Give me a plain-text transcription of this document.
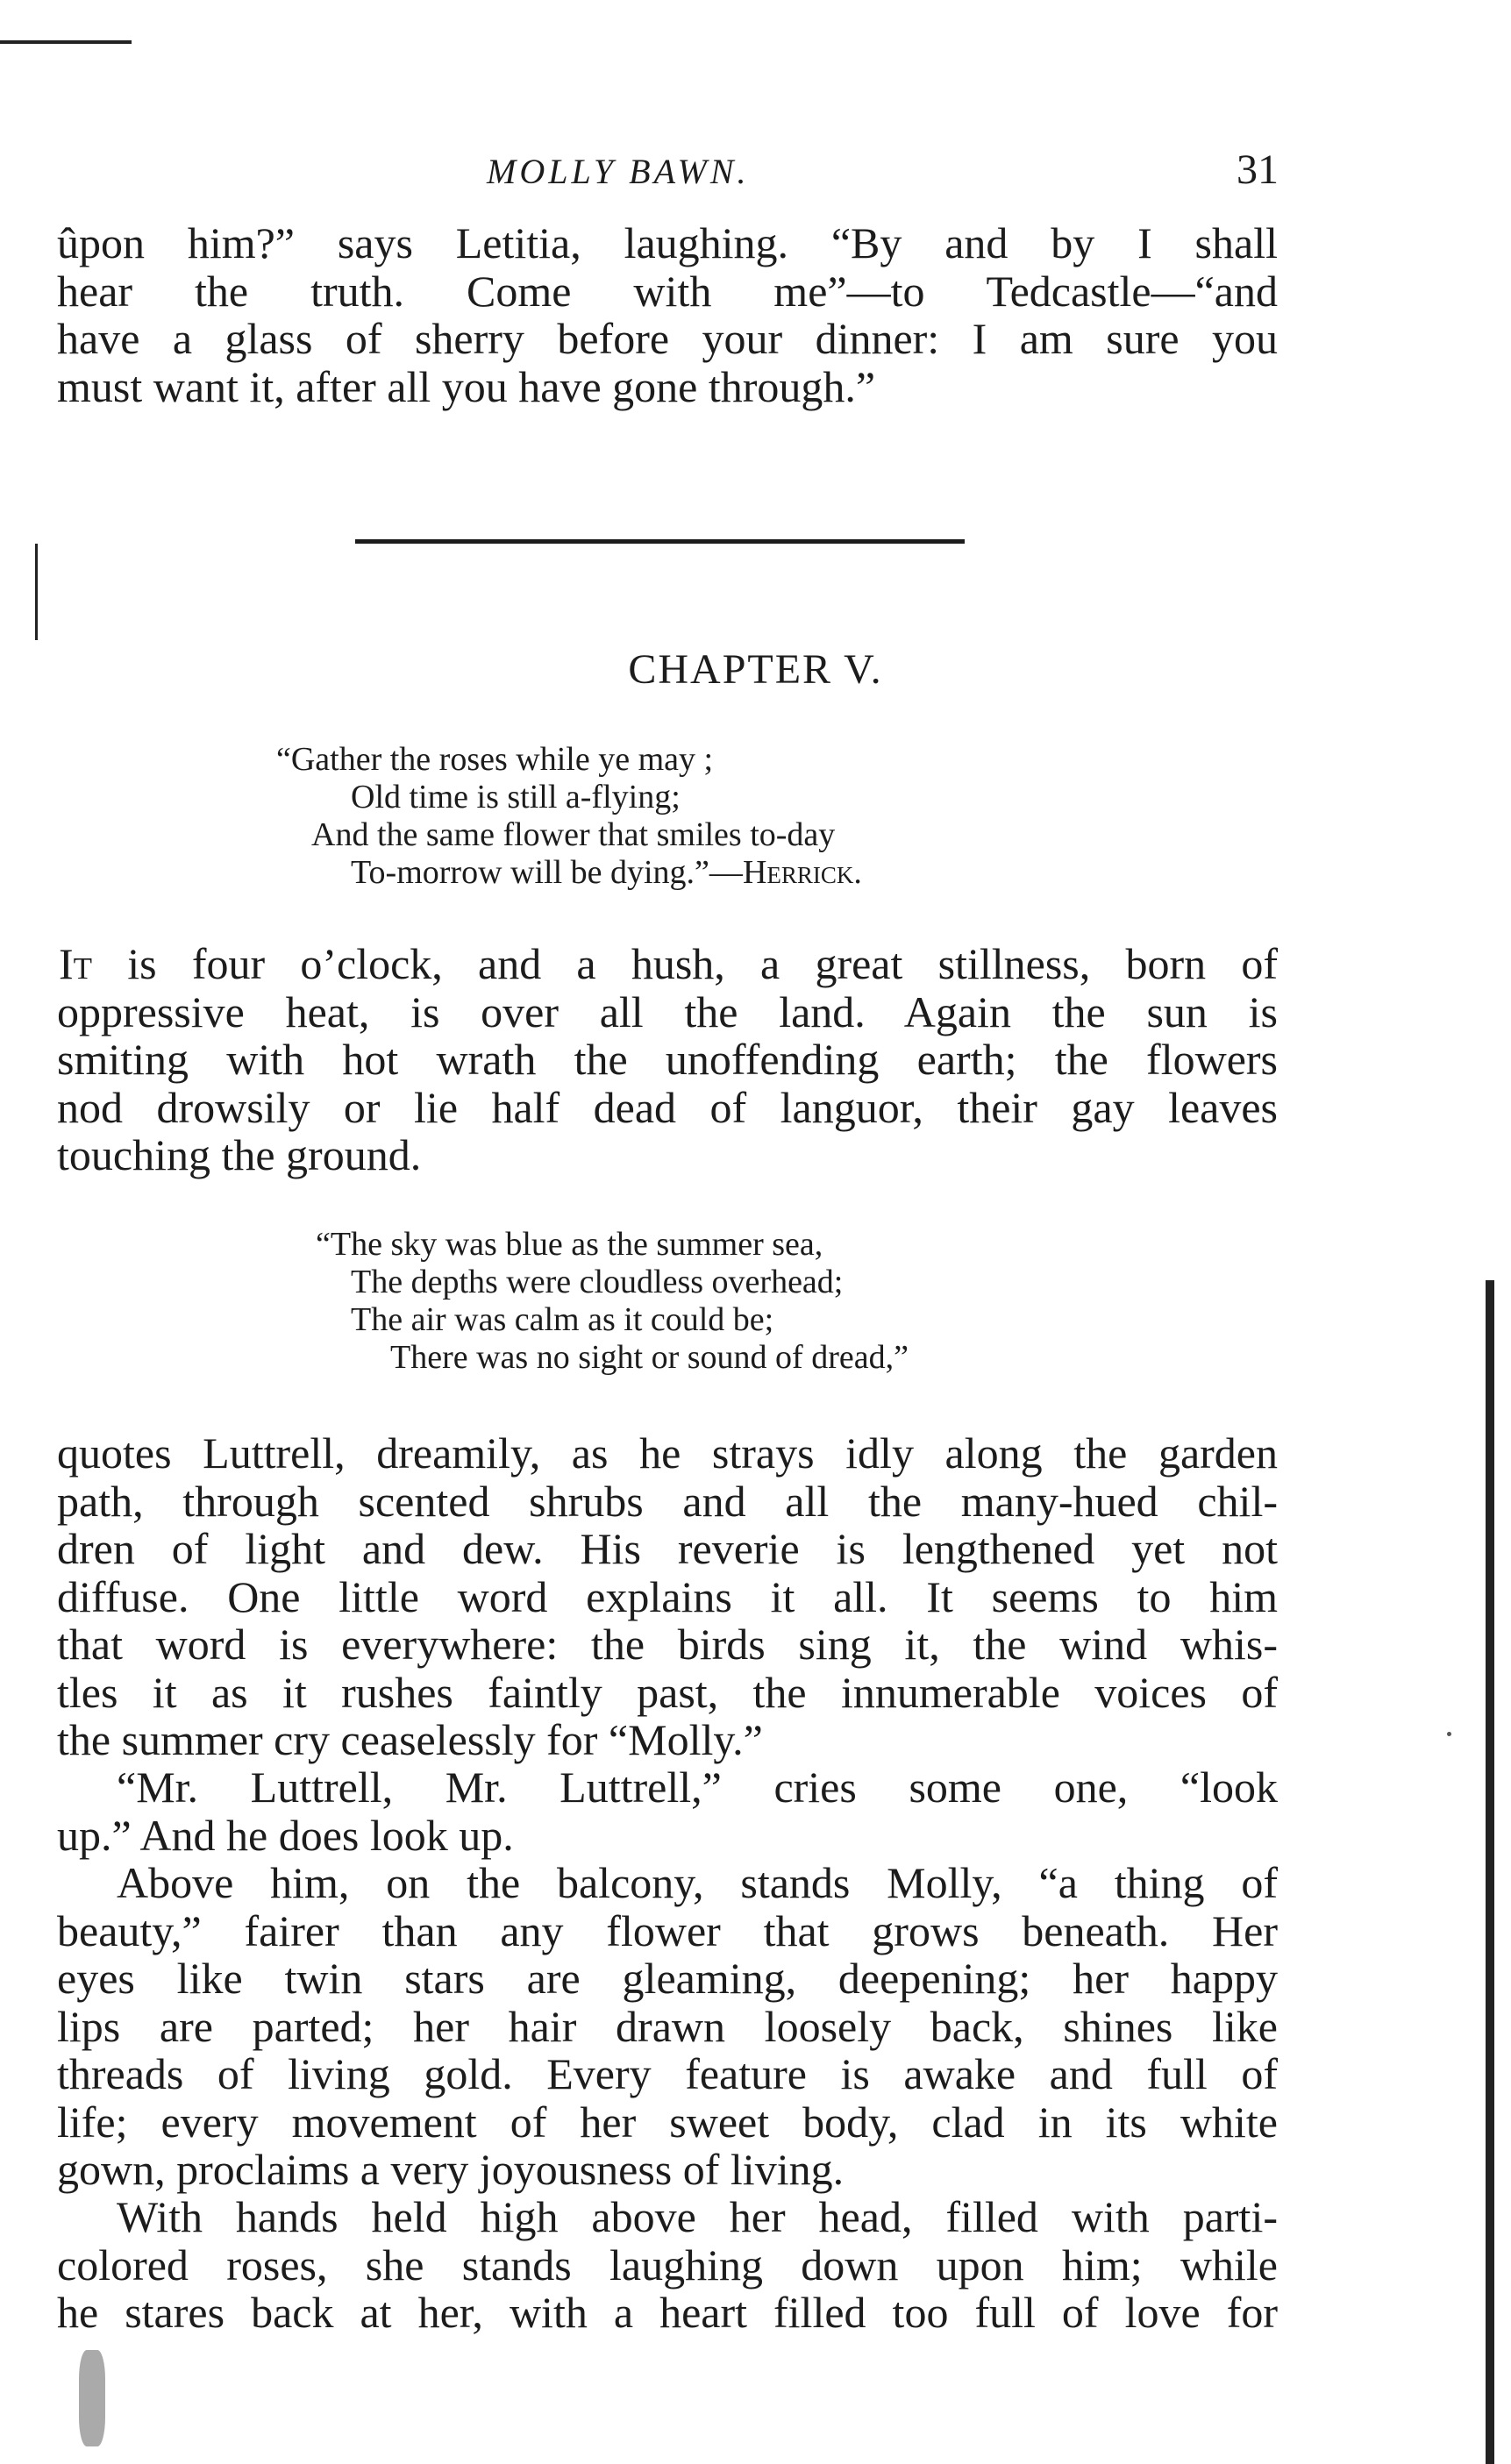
MOLLY BAWN.	31
ûpon him?” says Letitia, laughing. “By and by I shall
hear the truth. Come with me”—to Tedcastle—“and
have a glass of sherry before your dinner: I am sure you
must want it, after all you have gone through.”
CHAPTER V.
“Gather the roses while ye may ;
Old time is still a-flying;
And the same flower that smiles to-day
To-morrow will be dying.”—Herrick.
It is four o’clock, and a hush, a great stillness, born of
oppressive heat, is over all the land. Again the sun is
smiting with hot wrath the unoffending earth; the flowers
nod drowsily or lie half dead of languor, their gay leaves
touching the ground.
“The sky was blue as the summer sea,
The depths were cloudless overhead;
The air was calm as it could be;
There was no sight or sound of dread,”
quotes Luttrell, dreamily, as he strays idly along the garden
path, through scented shrubs and all the many-hued chil-
dren of light and dew. His reverie is lengthened yet not
diffuse. One little word explains it all. It seems to him
that word is everywhere: the birds sing it, the wind whis-
tles it as it rushes faintly past, the innumerable voices of
the summer cry ceaselessly for “Molly.”
“Mr. Luttrell, Mr. Luttrell,” cries some one, “look
up.” And he does look up.
Above him, on the balcony, stands Molly, “a thing of
beauty,” fairer than any flower that grows beneath. Her
eyes like twin stars are gleaming, deepening; her happy
lips are parted; her hair drawn loosely back, shines like
threads of living gold. Every feature is awake and full of
life; every movement of her sweet body, clad in its white
gown, proclaims a very joyousness of living.
With hands held high above her head, filled with parti-
colored roses, she stands laughing down upon him; while
he stares back at her, with a heart filled too full of love for
